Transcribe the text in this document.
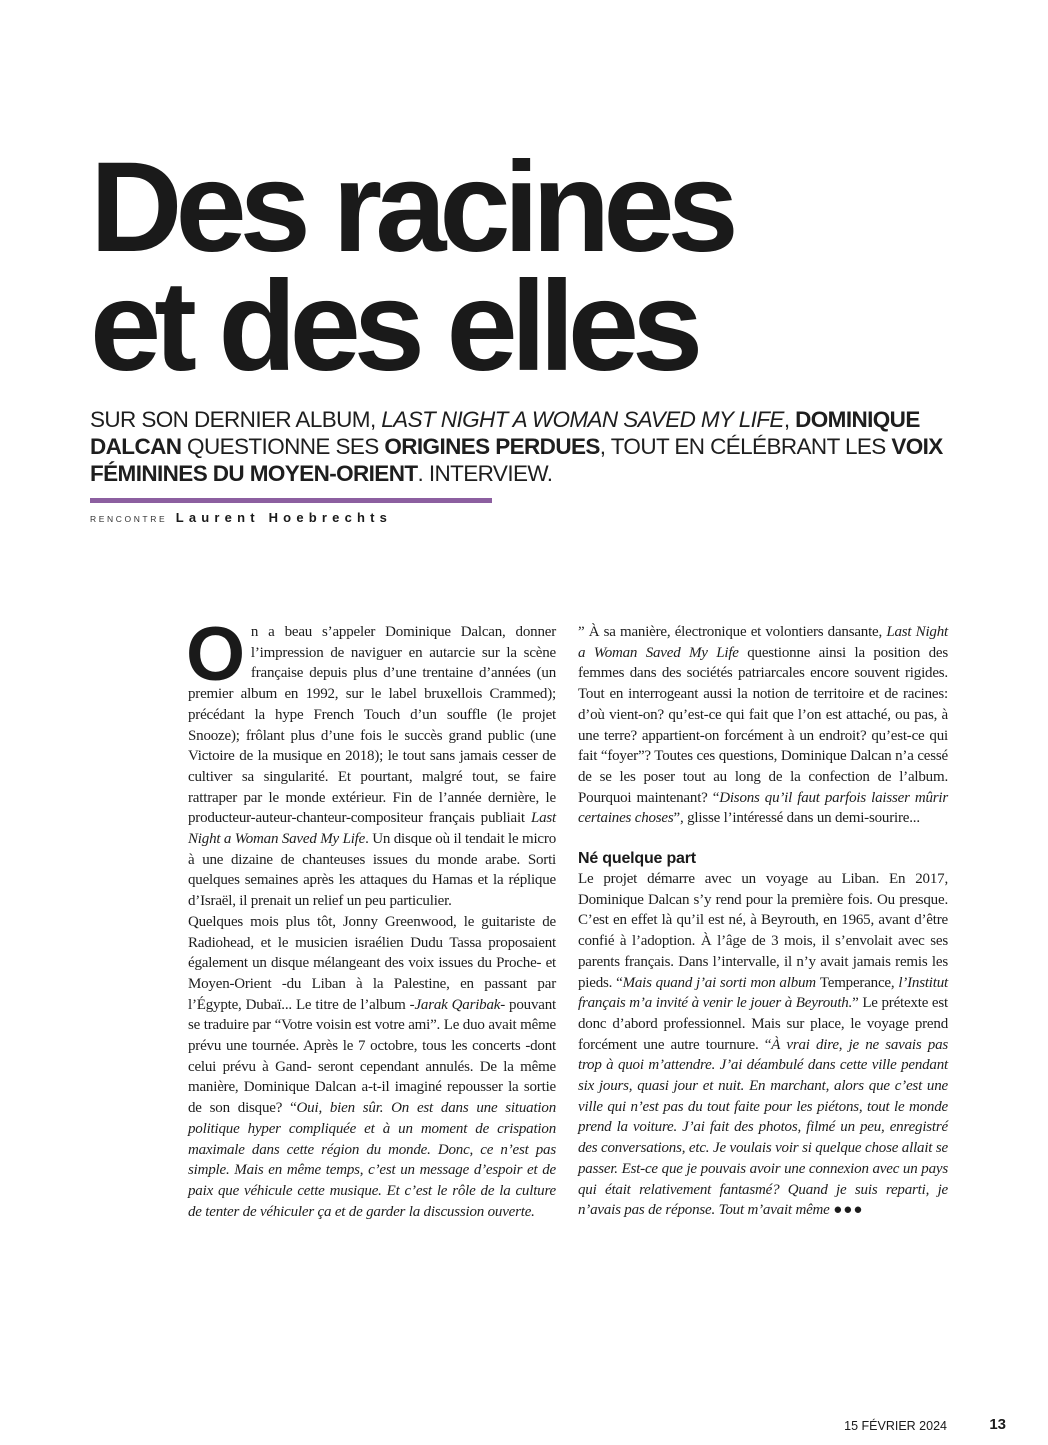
Des racines
et des elles

SUR SON DERNIER ALBUM, LAST NIGHT A WOMAN SAVED MY LIFE, DOMINIQUE DALCAN QUESTIONNE SES ORIGINES PERDUES, TOUT EN CÉLÉBRANT LES VOIX FÉMININES DU MOYEN-ORIENT. INTERVIEW.

RENCONTRE Laurent Hoebrechts

On a beau s’appeler Dominique Dalcan, donner l’impression de naviguer en autarcie sur la scène française depuis plus d’une trentaine d’années (un premier album en 1992, sur le label bruxellois Crammed); précédant la hype French Touch d’un souffle (le projet Snooze); frôlant plus d’une fois le succès grand public (une Victoire de la musique en 2018); le tout sans jamais cesser de cultiver sa singularité. Et pourtant, malgré tout, se faire rattraper par le monde extérieur. Fin de l’année dernière, le producteur-auteur-chanteur-compositeur français publiait Last Night a Woman Saved My Life. Un disque où il tendait le micro à une dizaine de chanteuses issues du monde arabe. Sorti quelques semaines après les attaques du Hamas et la réplique d’Israël, il prenait un relief un peu particulier.

Quelques mois plus tôt, Jonny Greenwood, le guitariste de Radiohead, et le musicien israélien Dudu Tassa proposaient également un disque mélangeant des voix issues du Proche- et Moyen-Orient -du Liban à la Palestine, en passant par l’Égypte, Dubaï... Le titre de l’album -Jarak Qaribak- pouvant se traduire par “Votre voisin est votre ami”. Le duo avait même prévu une tournée. Après le 7 octobre, tous les concerts -dont celui prévu à Gand- seront cependant annulés. De la même manière, Dominique Dalcan a-t-il imaginé repousser la sortie de son disque? “Oui, bien sûr. On est dans une situation politique hyper compliquée et à un moment de crispation maximale dans cette région du monde. Donc, ce n’est pas simple. Mais en même temps, c’est un message d’espoir et de paix que véhicule cette musique. Et c’est le rôle de la culture de tenter de véhiculer ça et de garder la discussion ouverte.

” À sa manière, électronique et volontiers dansante, Last Night a Woman Saved My Life questionne ainsi la position des femmes dans des sociétés patriarcales encore souvent rigides. Tout en interrogeant aussi la notion de territoire et de racines: d’où vient-on? qu’est-ce qui fait que l’on est attaché, ou pas, à une terre? appartient-on forcément à un endroit? qu’est-ce qui fait “foyer”? Toutes ces questions, Dominique Dalcan n’a cessé de se les poser tout au long de la confection de l’album. Pourquoi maintenant? “Disons qu’il faut parfois laisser mûrir certaines choses”, glisse l’intéressé dans un demi-sourire...

Né quelque part

Le projet démarre avec un voyage au Liban. En 2017, Dominique Dalcan s’y rend pour la première fois. Ou presque. C’est en effet là qu’il est né, à Beyrouth, en 1965, avant d’être confié à l’adoption. À l’âge de 3 mois, il s’envolait avec ses parents français. Dans l’intervalle, il n’y avait jamais remis les pieds. “Mais quand j’ai sorti mon album Temperance, l’Institut français m’a invité à venir le jouer à Beyrouth.” Le prétexte est donc d’abord professionnel. Mais sur place, le voyage prend forcément une autre tournure. “À vrai dire, je ne savais pas trop à quoi m’attendre. J’ai déambulé dans cette ville pendant six jours, quasi jour et nuit. En marchant, alors que c’est une ville qui n’est pas du tout faite pour les piétons, tout le monde prend la voiture. J’ai fait des photos, filmé un peu, enregistré des conversations, etc. Je voulais voir si quelque chose allait se passer. Est-ce que je pouvais avoir une connexion avec un pays qui était relativement fantasmé? Quand je suis reparti, je n’avais pas de réponse. Tout m’avait même ●●●

15 FÉVRIER 2024	13
